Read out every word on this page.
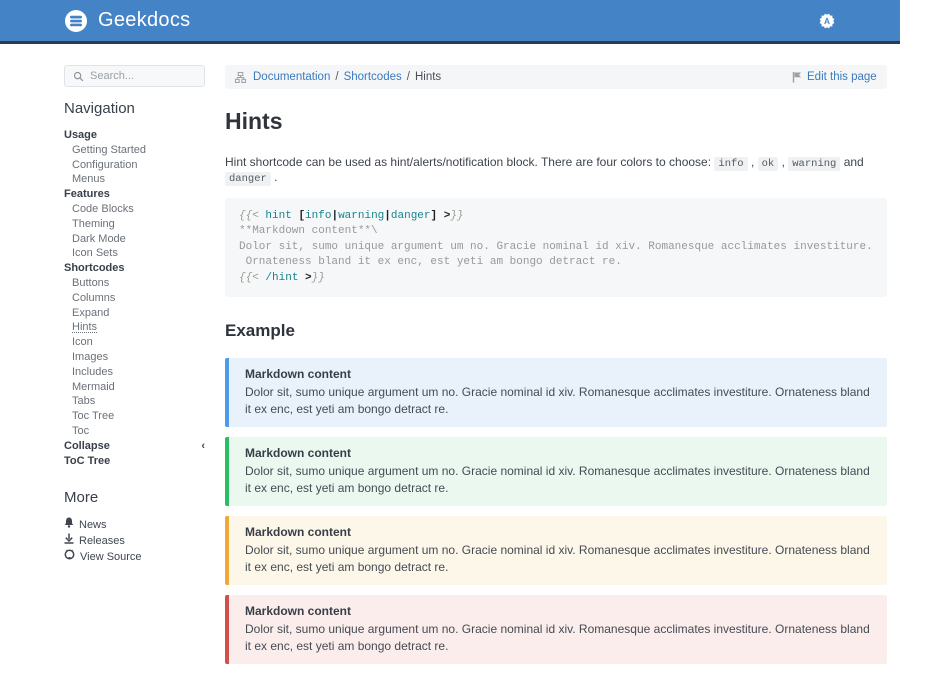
Geekdocs	A
Search...
Navigation
Usage
Getting Started
Configuration
Menus
Features
Code Blocks
Theming
Dark Mode
Icon Sets
Shortcodes
Buttons
Columns
Expand
Hints
Icon
Images
Includes
Mermaid
Tabs
Toc Tree
Toc
Collapse	‹
ToC Tree
More
News
Releases
View Source
Documentation / Shortcodes / Hints	Edit this page
Hints

Hint shortcode can be used as hint/alerts/notification block. There are four colors to choose: info , ok , warning and danger .

{{< hint [info|warning|danger] >}}
**Markdown content**\
Dolor sit, sumo unique argument um no. Gracie nominal id xiv. Romanesque acclimates investiture.
Ornateness bland it ex enc, est yeti am bongo detract re.
{{< /hint >}}
Example
Markdown content
Dolor sit, sumo unique argument um no. Gracie nominal id xiv. Romanesque acclimates investiture. Ornateness bland it ex enc, est yeti am bongo detract re.
Markdown content
Dolor sit, sumo unique argument um no. Gracie nominal id xiv. Romanesque acclimates investiture. Ornateness bland it ex enc, est yeti am bongo detract re.
Markdown content
Dolor sit, sumo unique argument um no. Gracie nominal id xiv. Romanesque acclimates investiture. Ornateness bland it ex enc, est yeti am bongo detract re.
Markdown content
Dolor sit, sumo unique argument um no. Gracie nominal id xiv. Romanesque acclimates investiture. Ornateness bland it ex enc, est yeti am bongo detract re.
